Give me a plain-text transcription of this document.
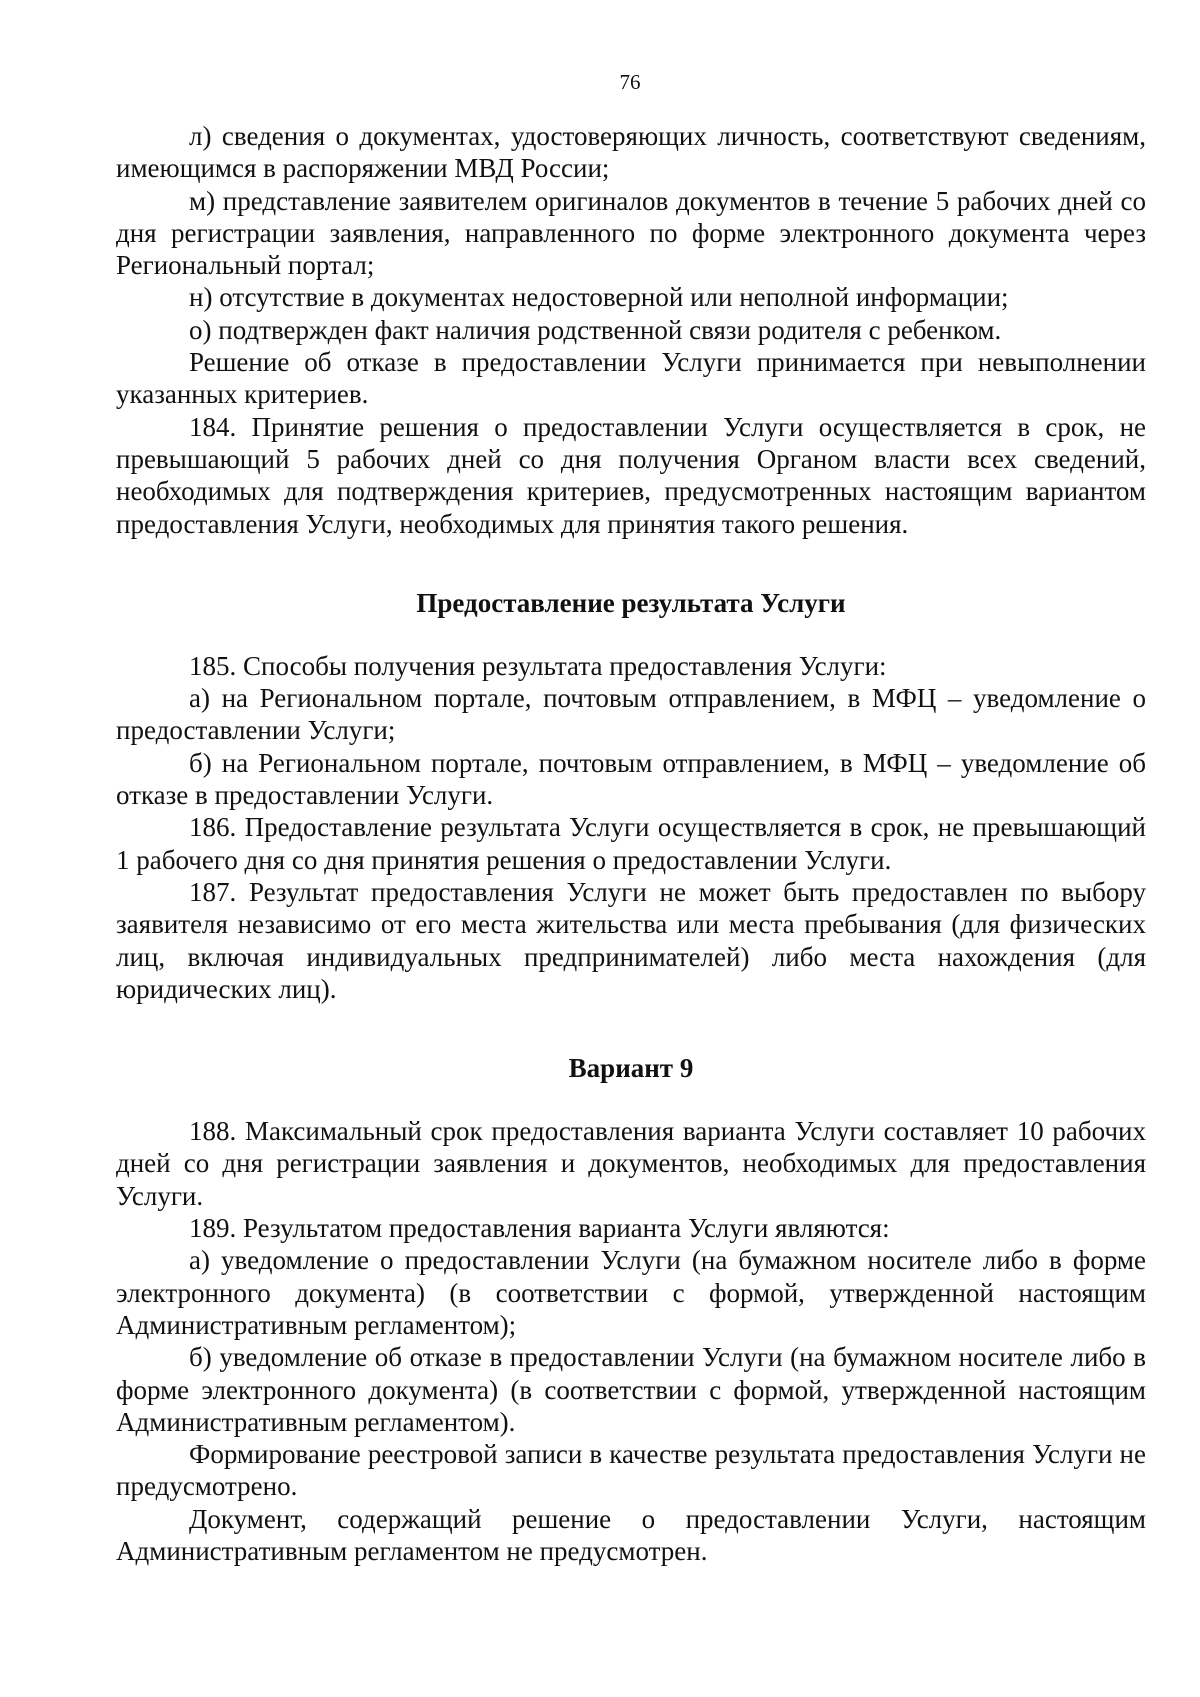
76

л) сведения о документах, удостоверяющих личность, соответствуют сведениям, имеющимся в распоряжении МВД России;

м) представление заявителем оригиналов документов в течение 5 рабочих дней со дня регистрации заявления, направленного по форме электронного документа через Региональный портал;

н) отсутствие в документах недостоверной или неполной информации;

о) подтвержден факт наличия родственной связи родителя с ребенком.

Решение об отказе в предоставлении Услуги принимается при невыполнении указанных критериев.

184. Принятие решения о предоставлении Услуги осуществляется в срок, не превышающий 5 рабочих дней со дня получения Органом власти всех сведений, необходимых для подтверждения критериев, предусмотренных настоящим вариантом предоставления Услуги, необходимых для принятия такого решения.

Предоставление результата Услуги

185. Способы получения результата предоставления Услуги:

а) на Региональном портале, почтовым отправлением, в МФЦ – уведомление о предоставлении Услуги;

б) на Региональном портале, почтовым отправлением, в МФЦ – уведомление об отказе в предоставлении Услуги.

186. Предоставление результата Услуги осуществляется в срок, не превышающий 1 рабочего дня со дня принятия решения о предоставлении Услуги.

187. Результат предоставления Услуги не может быть предоставлен по выбору заявителя независимо от его места жительства или места пребывания (для физических лиц, включая индивидуальных предпринимателей) либо места нахождения (для юридических лиц).

Вариант 9

188. Максимальный срок предоставления варианта Услуги составляет 10 рабочих дней со дня регистрации заявления и документов, необходимых для предоставления Услуги.

189. Результатом предоставления варианта Услуги являются:

а) уведомление о предоставлении Услуги (на бумажном носителе либо в форме электронного документа) (в соответствии с формой, утвержденной настоящим Административным регламентом);

б) уведомление об отказе в предоставлении Услуги (на бумажном носителе либо в форме электронного документа) (в соответствии с формой, утвержденной настоящим Административным регламентом).

Формирование реестровой записи в качестве результата предоставления Услуги не предусмотрено.

Документ, содержащий решение о предоставлении Услуги, настоящим Административным регламентом не предусмотрен.
